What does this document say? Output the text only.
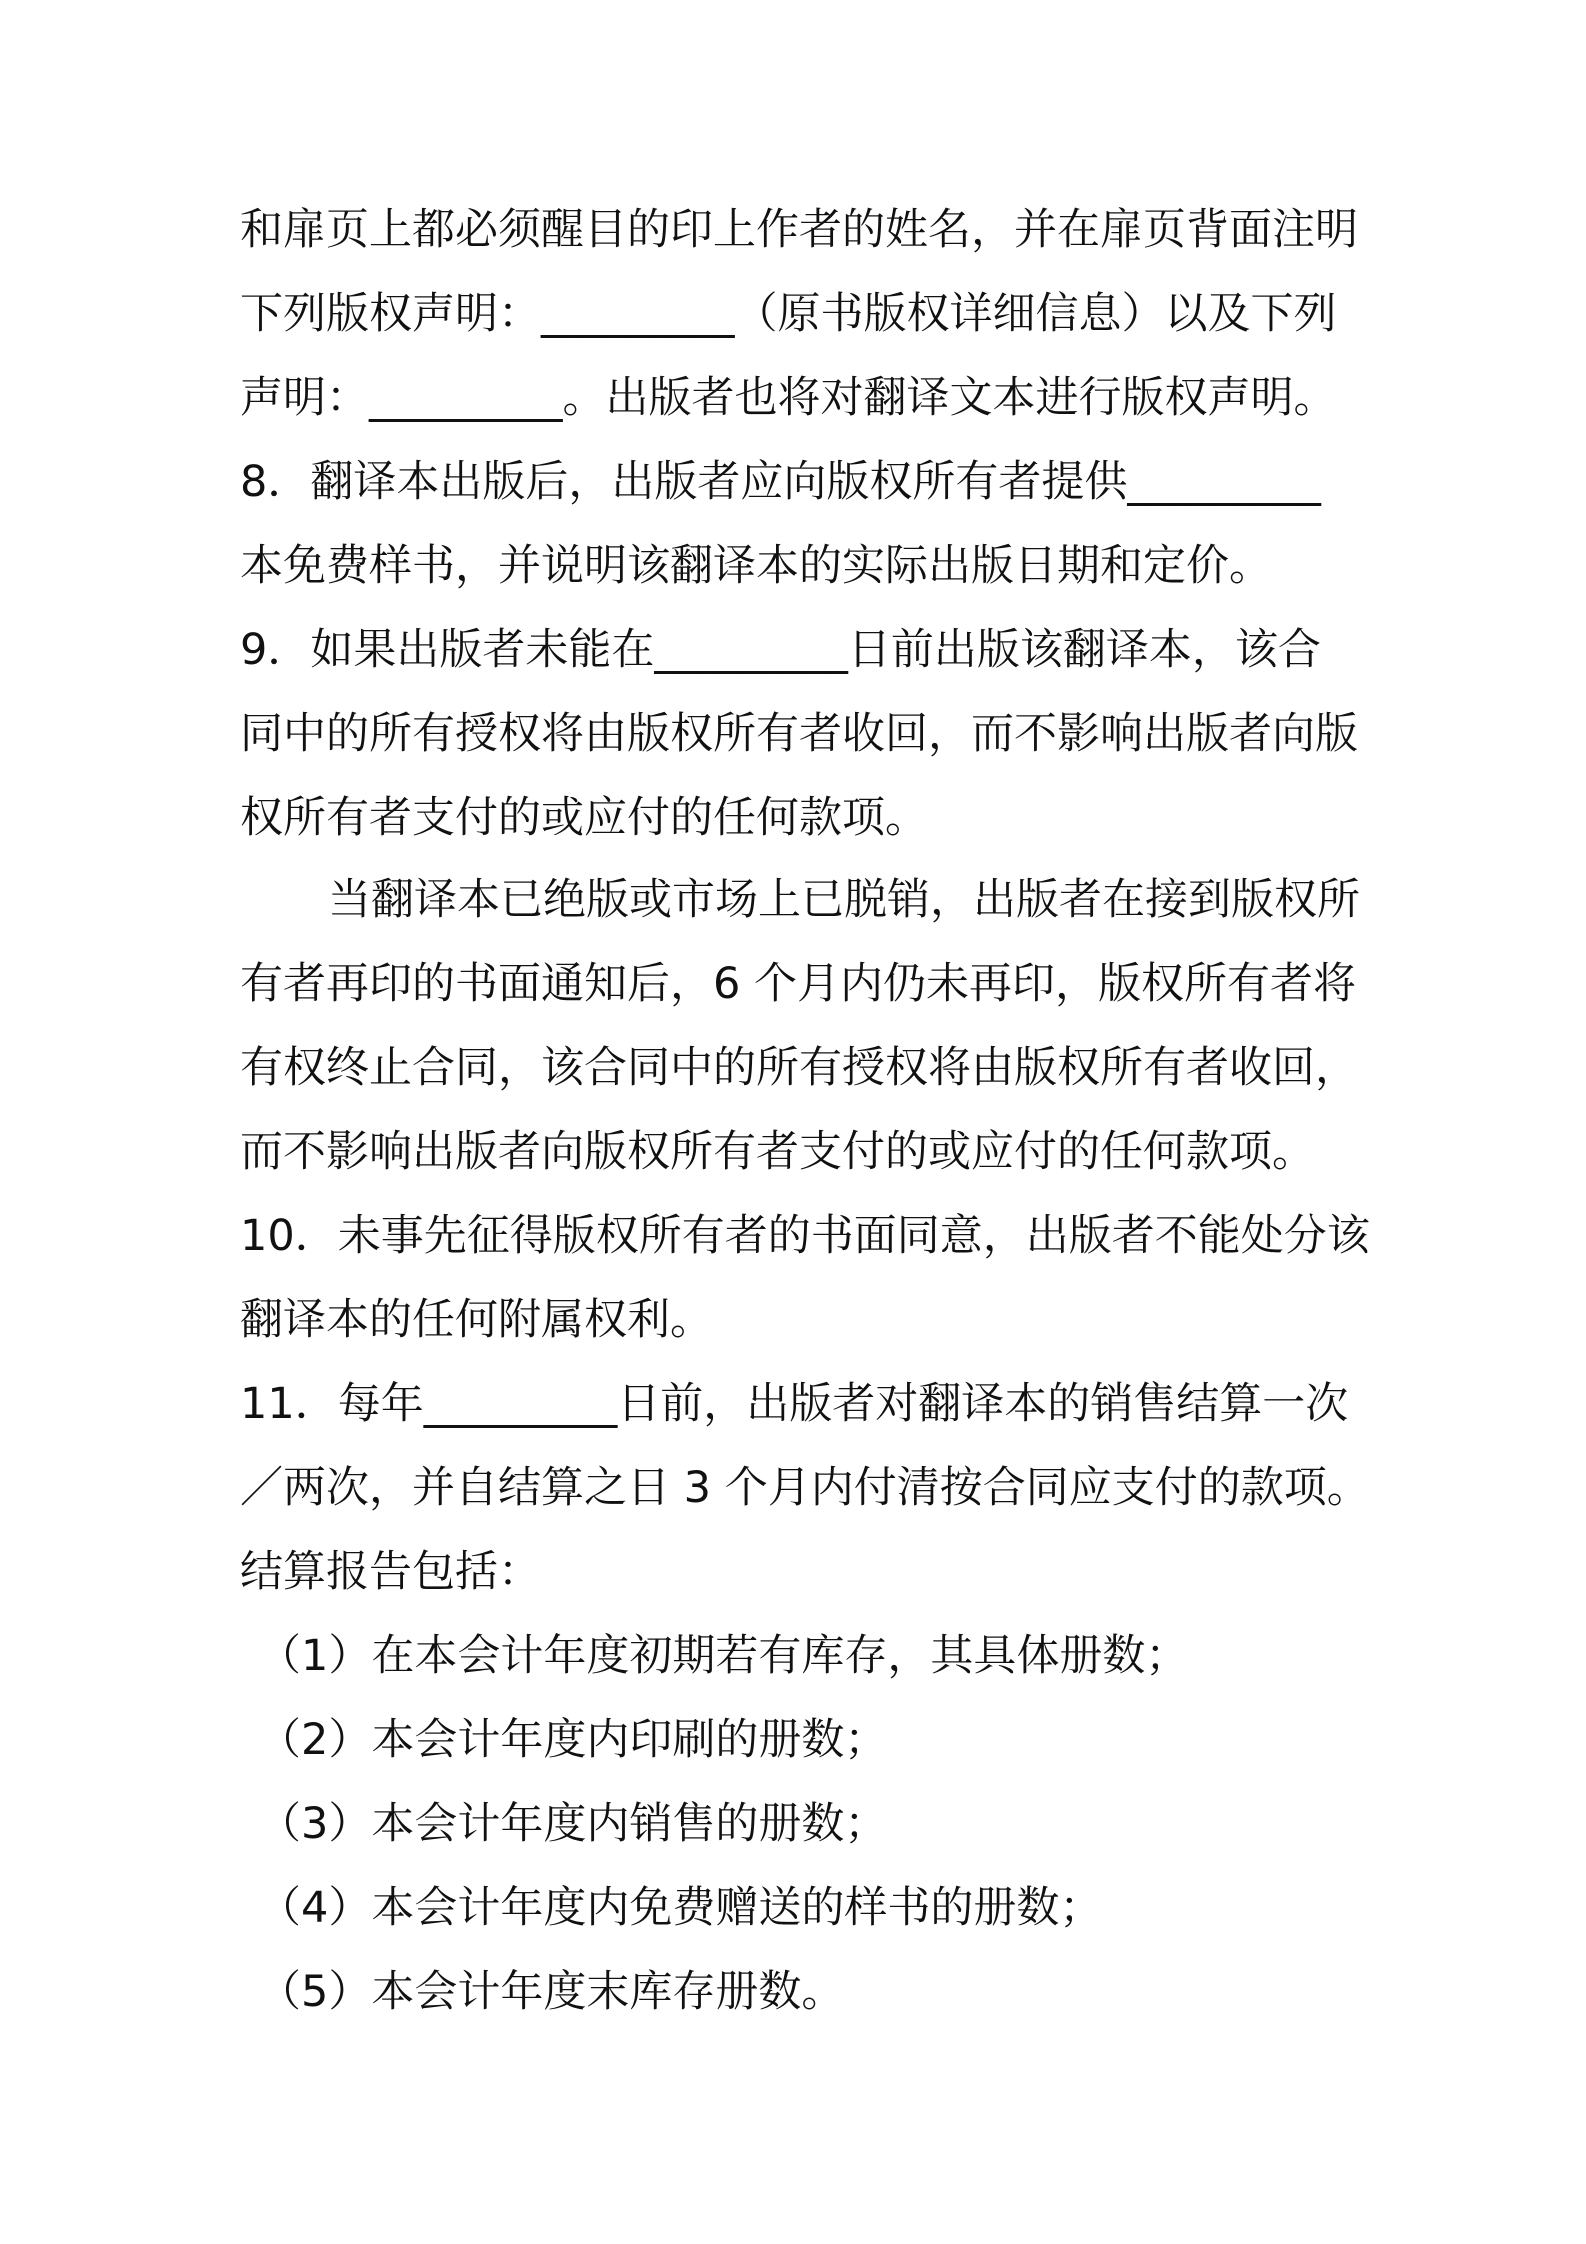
和扉页上都必须醒目的印上作者的姓名，并在扉页背面注明
下列版权声明：_________（原书版权详细信息）以及下列
声明：_________。出版者也将对翻译文本进行版权声明。
8．翻译本出版后，出版者应向版权所有者提供_________
本免费样书，并说明该翻译本的实际出版日期和定价。
9．如果出版者未能在_________日前出版该翻译本，该合
同中的所有授权将由版权所有者收回，而不影响出版者向版
权所有者支付的或应付的任何款项。
当翻译本已绝版或市场上已脱销，出版者在接到版权所
有者再印的书面通知后，6 个月内仍未再印，版权所有者将
有权终止合同，该合同中的所有授权将由版权所有者收回，
而不影响出版者向版权所有者支付的或应付的任何款项。
10．未事先征得版权所有者的书面同意，出版者不能处分该
翻译本的任何附属权利。
11．每年_________日前，出版者对翻译本的销售结算一次
／两次，并自结算之日 3 个月内付清按合同应支付的款项。
结算报告包括：
（1）在本会计年度初期若有库存，其具体册数；
（2）本会计年度内印刷的册数；
（3）本会计年度内销售的册数；
（4）本会计年度内免费赠送的样书的册数；
（5）本会计年度末库存册数。
